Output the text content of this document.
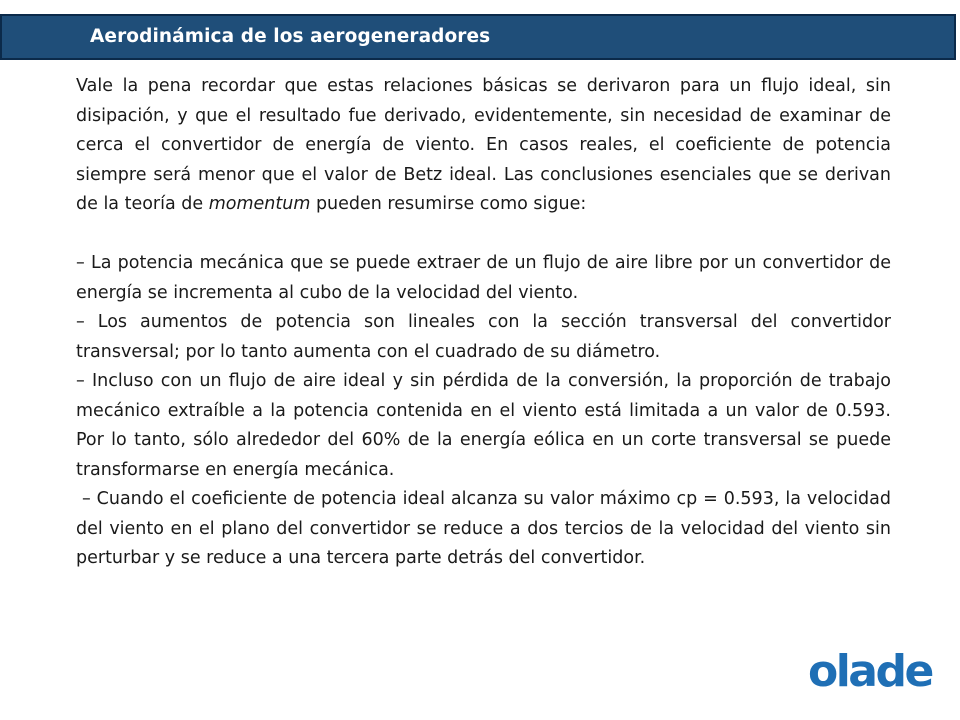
Aerodinámica de los aerogeneradores

Vale la pena recordar que estas relaciones básicas se derivaron para un flujo ideal, sin disipación, y que el resultado fue derivado, evidentemente, sin necesidad de examinar de cerca el convertidor de energía de viento. En casos reales, el coeficiente de potencia siempre será menor que el valor de Betz ideal. Las conclusiones esenciales que se derivan de la teoría de momentum pueden resumirse como sigue:

– La potencia mecánica que se puede extraer de un flujo de aire libre por un convertidor de energía se incrementa al cubo de la velocidad del viento.

– Los aumentos de potencia son lineales con la sección transversal del convertidor transversal; por lo tanto aumenta con el cuadrado de su diámetro.

– Incluso con un flujo de aire ideal y sin pérdida de la conversión, la proporción de trabajo mecánico extraíble a la potencia contenida en el viento está limitada a un valor de 0.593. Por lo tanto, sólo alrededor del 60% de la energía eólica en un corte transversal se puede transformarse en energía mecánica.

– Cuando el coeficiente de potencia ideal alcanza su valor máximo cp = 0.593, la velocidad del viento en el plano del convertidor se reduce a dos tercios de la velocidad del viento sin perturbar y se reduce a una tercera parte detrás del convertidor.

olade
